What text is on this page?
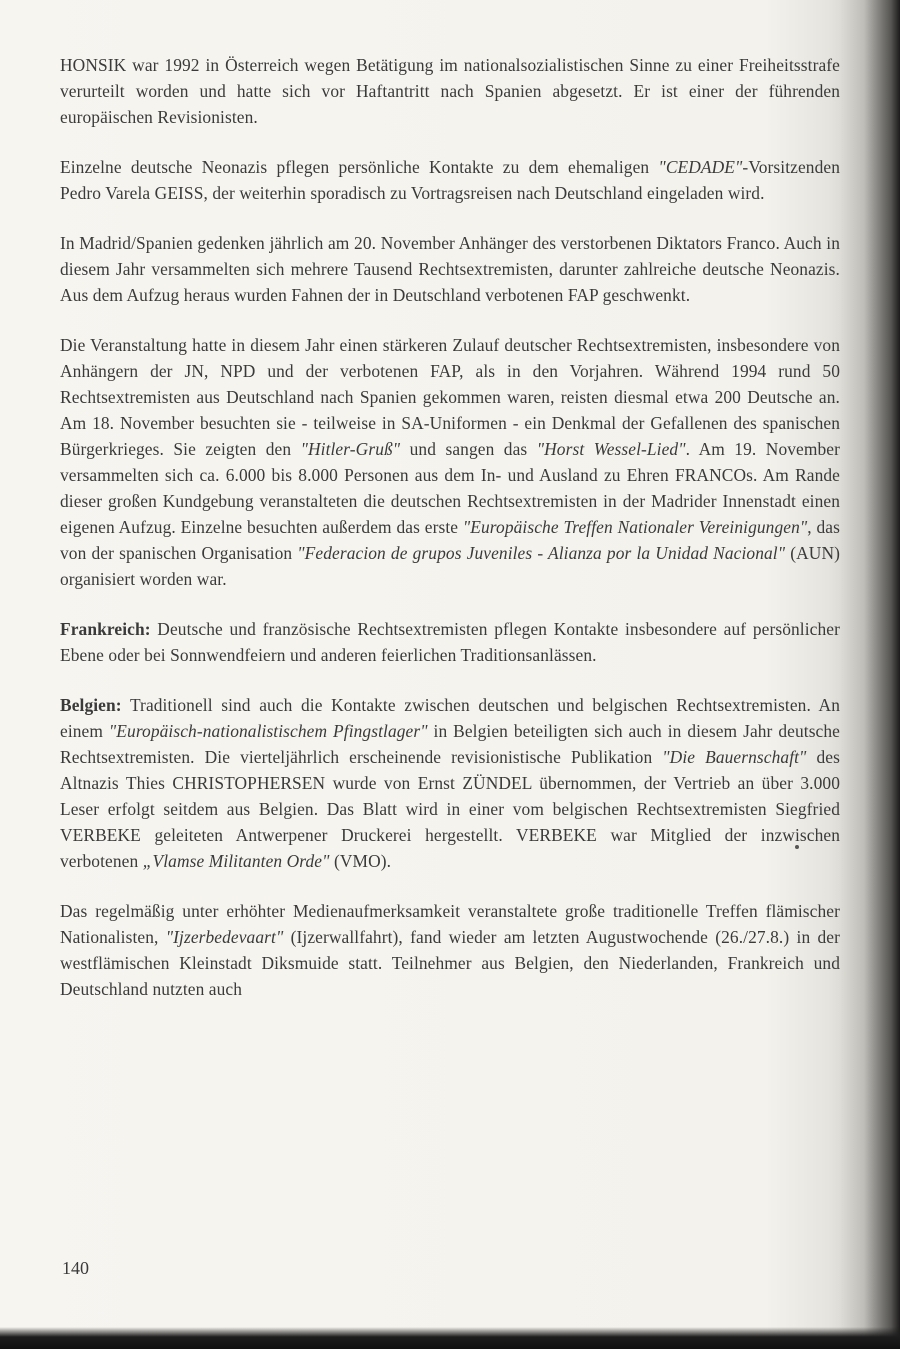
HONSIK war 1992 in Österreich wegen Betätigung im nationalsozialistischen Sinne zu einer Freiheitsstrafe verurteilt worden und hatte sich vor Haftantritt nach Spanien abgesetzt. Er ist einer der führenden europäischen Revisionisten.

Einzelne deutsche Neonazis pflegen persönliche Kontakte zu dem ehemaligen "CEDADE"-Vorsitzenden Pedro Varela GEISS, der weiterhin sporadisch zu Vortragsreisen nach Deutschland eingeladen wird.

In Madrid/Spanien gedenken jährlich am 20. November Anhänger des verstorbenen Diktators Franco. Auch in diesem Jahr versammelten sich mehrere Tausend Rechtsextremisten, darunter zahlreiche deutsche Neonazis. Aus dem Aufzug heraus wurden Fahnen der in Deutschland verbotenen FAP geschwenkt.

Die Veranstaltung hatte in diesem Jahr einen stärkeren Zulauf deutscher Rechtsextremisten, insbesondere von Anhängern der JN, NPD und der verbotenen FAP, als in den Vorjahren. Während 1994 rund 50 Rechtsextremisten aus Deutschland nach Spanien gekommen waren, reisten diesmal etwa 200 Deutsche an. Am 18. November besuchten sie - teilweise in SA-Uniformen - ein Denkmal der Gefallenen des spanischen Bürgerkrieges. Sie zeigten den "Hitler-Gruß" und sangen das "Horst Wessel-Lied". Am 19. November versammelten sich ca. 6.000 bis 8.000 Personen aus dem In- und Ausland zu Ehren FRANCOs. Am Rande dieser großen Kundgebung veranstalteten die deutschen Rechtsextremisten in der Madrider Innenstadt einen eigenen Aufzug. Einzelne besuchten außerdem das erste "Europäische Treffen Nationaler Vereinigungen", das von der spanischen Organisation "Federacion de grupos Juveniles - Alianza por la Unidad Nacional" (AUN) organisiert worden war.

Frankreich: Deutsche und französische Rechtsextremisten pflegen Kontakte insbesondere auf persönlicher Ebene oder bei Sonnwendfeiern und anderen feierlichen Traditionsanlässen.

Belgien: Traditionell sind auch die Kontakte zwischen deutschen und belgischen Rechtsextremisten. An einem "Europäisch-nationalistischem Pfingstlager" in Belgien beteiligten sich auch in diesem Jahr deutsche Rechtsextremisten. Die vierteljährlich erscheinende revisionistische Publikation "Die Bauernschaft" des Altnazis Thies CHRISTOPHERSEN wurde von Ernst ZÜNDEL übernommen, der Vertrieb an über 3.000 Leser erfolgt seitdem aus Belgien. Das Blatt wird in einer vom belgischen Rechtsextremisten Siegfried VERBEKE geleiteten Antwerpener Druckerei hergestellt. VERBEKE war Mitglied der inzwischen verbotenen „Vlamse Militanten Orde" (VMO).

Das regelmäßig unter erhöhter Medienaufmerksamkeit veranstaltete große traditionelle Treffen flämischer Nationalisten, "Ijzerbedevaart" (Ijzerwallfahrt), fand wieder am letzten Augustwochende (26./27.8.) in der westflämischen Kleinstadt Diksmuide statt. Teilnehmer aus Belgien, den Niederlanden, Frankreich und Deutschland nutzten auch

140
